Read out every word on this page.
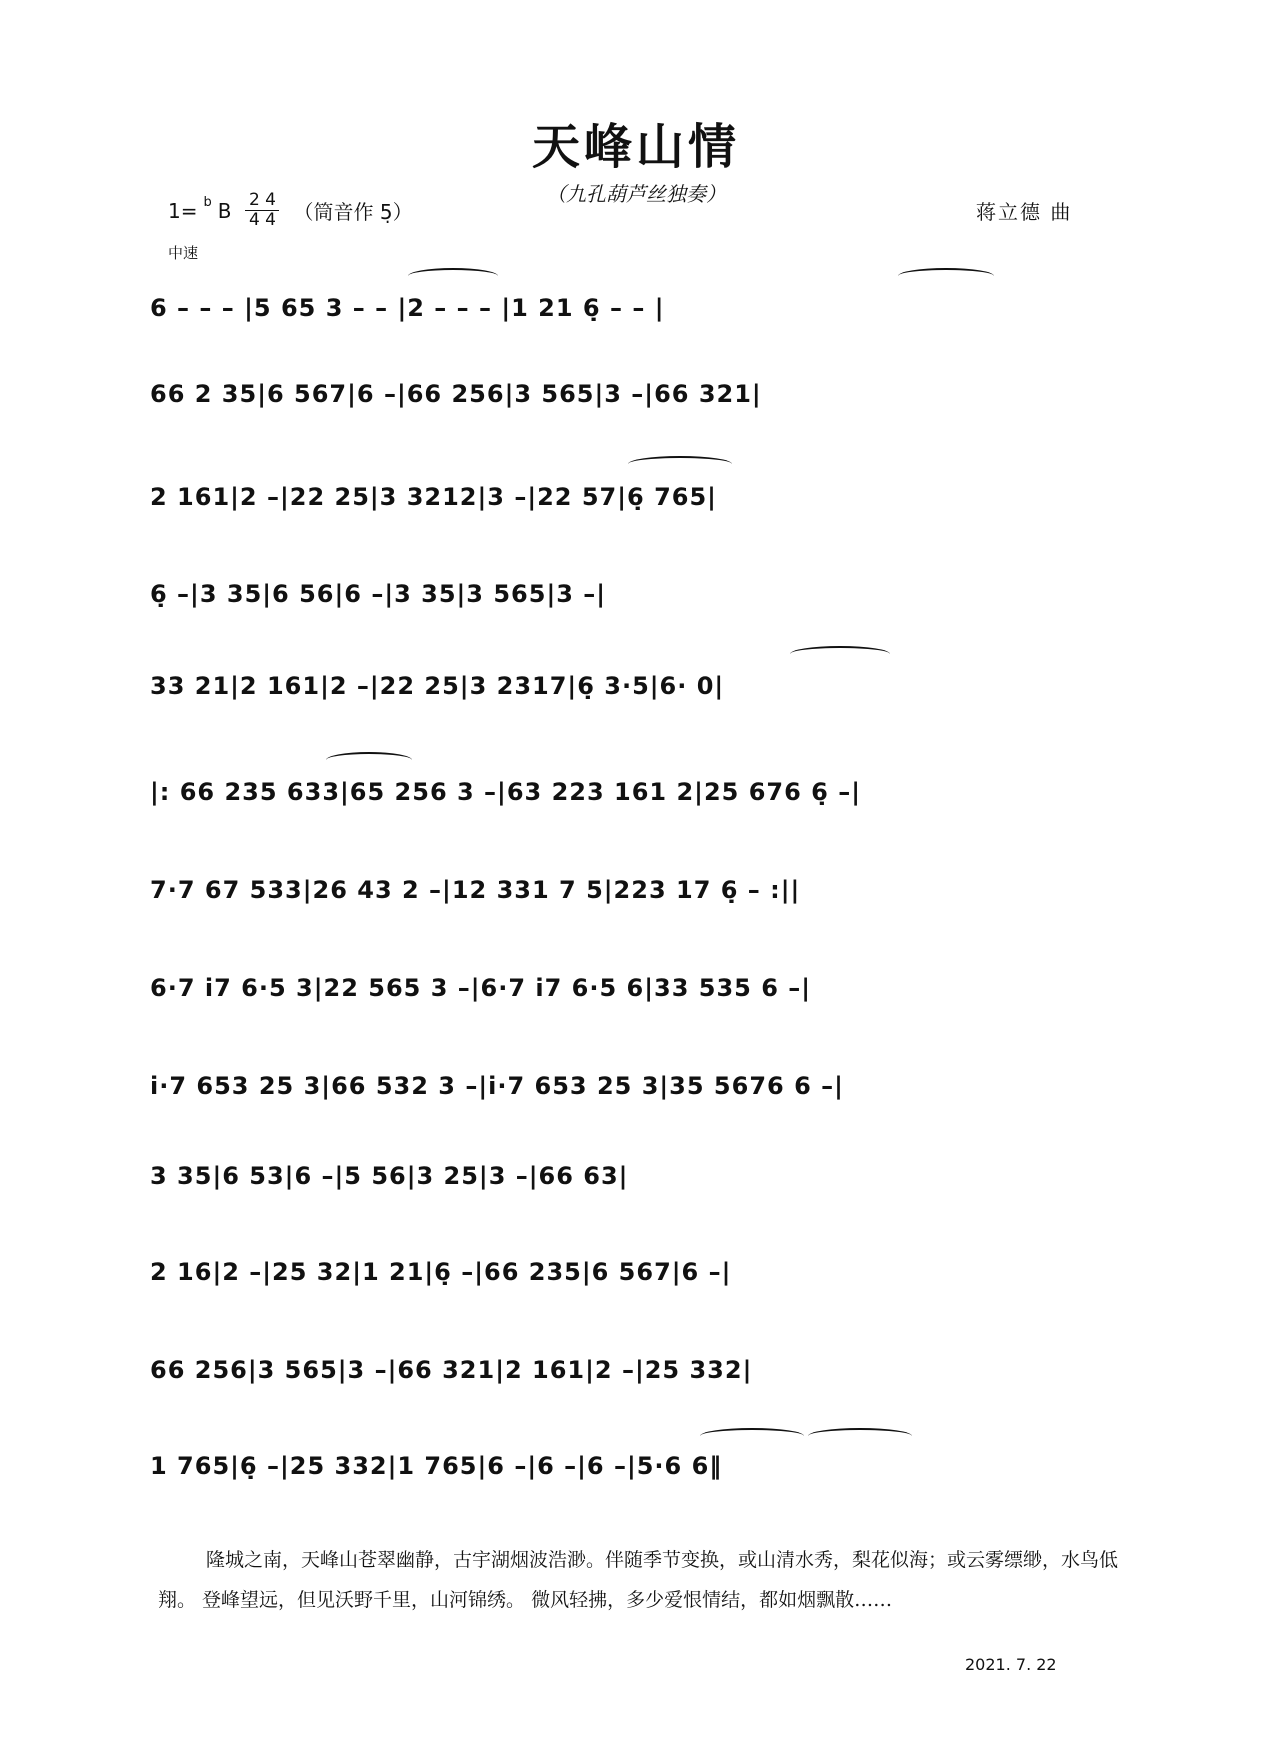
天峰山情
（九孔葫芦丝独奏）
1= b B 2 4
4 4 （筒音作 5̣）	蒋立德 曲
中速
6 – – – |5 65 3 – – |2 – – – |1 21 6̣ – – |
66 2 35|6 567|6 –|66 256|3 565|3 –|66 321|
2 161|2 –|22 25|3 3212|3 –|22 57|6̣ 765|
6̣ –|3 35|6 56|6 –|3 35|3 565|3 –|
33 21|2 161|2 –|22 25|3 2317|6̣ 3·5|6· 0|
|: 66 235 633|65 256 3 –|63 223 161 2|25 676 6̣ –|
7·7 67 533|26 43 2 –|12 331 7 5|223 17 6̣ – :||
6·7 i7 6·5 3|22 565 3 –|6·7 i7 6·5 6|33 535 6 –|
i·7 653 25 3|66 532 3 –|i·7 653 25 3|35 5676 6 –|
3 35|6 53|6 –|5 56|3 25|3 –|66 63|
2 16|2 –|25 32|1 21|6̣ –|66 235|6 567|6 –|
66 256|3 565|3 –|66 321|2 161|2 –|25 332|
1 765|6̣ –|25 332|1 765|6 –|6 –|6 –|5·6 6‖
隆城之南，天峰山苍翠幽静，古宇湖烟波浩渺。伴随季节变换，或山清水秀，梨花似海；或云雾缥缈，水鸟低翔。 登峰望远，但见沃野千里，山河锦绣。 微风轻拂，多少爱恨情结，都如烟飘散……
2021. 7. 22
